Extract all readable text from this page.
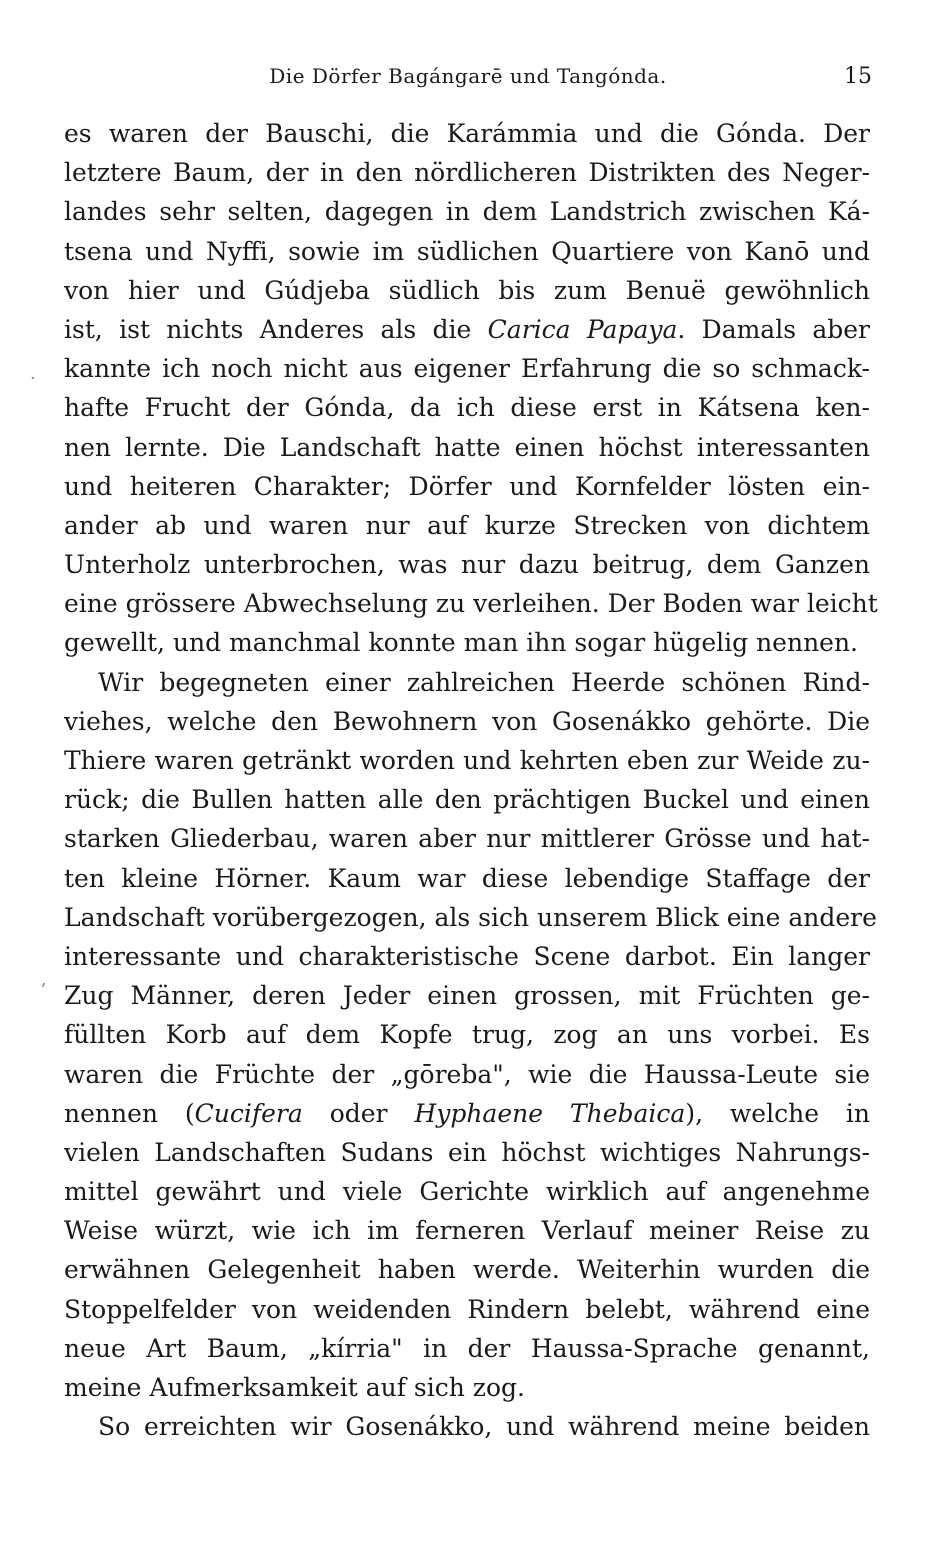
Die Dörfer Bagángarē und Tangónda.	15
es waren der Bauschi, die Karámmia und die Gónda. Der
letztere Baum, der in den nördlicheren Distrikten des Neger-
landes sehr selten, dagegen in dem Landstrich zwischen Ká-
tsena und Nyffi, sowie im südlichen Quartiere von Kanō und
von hier und Gúdjeba südlich bis zum Benuë gewöhnlich
ist, ist nichts Anderes als die Carica Papaya. Damals aber
kannte ich noch nicht aus eigener Erfahrung die so schmack-
hafte Frucht der Gónda, da ich diese erst in Kátsena ken-
nen lernte. Die Landschaft hatte einen höchst interessanten
und heiteren Charakter; Dörfer und Kornfelder lösten ein-
ander ab und waren nur auf kurze Strecken von dichtem
Unterholz unterbrochen, was nur dazu beitrug, dem Ganzen
eine grössere Abwechselung zu verleihen. Der Boden war leicht
gewellt, und manchmal konnte man ihn sogar hügelig nennen.
Wir begegneten einer zahlreichen Heerde schönen Rind-
viehes, welche den Bewohnern von Gosenákko gehörte. Die
Thiere waren getränkt worden und kehrten eben zur Weide zu-
rück; die Bullen hatten alle den prächtigen Buckel und einen
starken Gliederbau, waren aber nur mittlerer Grösse und hat-
ten kleine Hörner. Kaum war diese lebendige Staffage der
Landschaft vorübergezogen, als sich unserem Blick eine andere
interessante und charakteristische Scene darbot. Ein langer
Zug Männer, deren Jeder einen grossen, mit Früchten ge-
füllten Korb auf dem Kopfe trug, zog an uns vorbei. Es
waren die Früchte der „gōreba", wie die Haussa-Leute sie
nennen (Cucifera oder Hyphaene Thebaica), welche in
vielen Landschaften Sudans ein höchst wichtiges Nahrungs-
mittel gewährt und viele Gerichte wirklich auf angenehme
Weise würzt, wie ich im ferneren Verlauf meiner Reise zu
erwähnen Gelegenheit haben werde. Weiterhin wurden die
Stoppelfelder von weidenden Rindern belebt, während eine
neue Art Baum, „kírria" in der Haussa-Sprache genannt,
meine Aufmerksamkeit auf sich zog.
So erreichten wir Gosenákko, und während meine beiden
·
ʼ
